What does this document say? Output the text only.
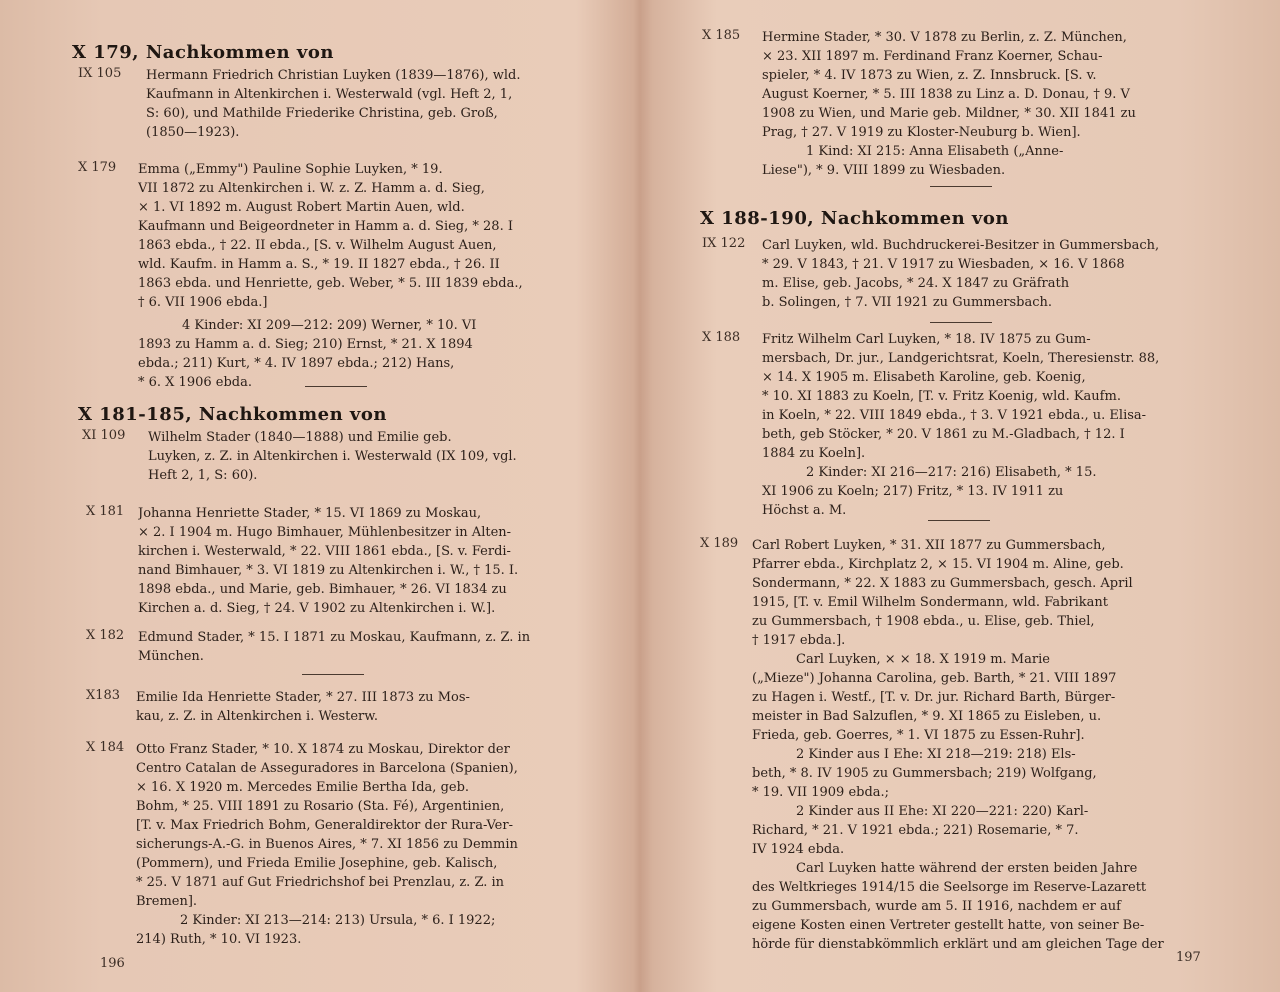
X 179, Nachkommen von
IX 105 Hermann Friedrich Christian Luyken (1839—1876), wld.
Kaufmann in Altenkirchen i. Westerwald (vgl. Heft 2, 1,
S: 60), und Mathilde Friederike Christina, geb. Groß,
(1850—1923).
X 179 Emma („Emmy") Pauline Sophie Luyken, * 19.
VII 1872 zu Altenkirchen i. W. z. Z. Hamm a. d. Sieg,
× 1. VI 1892 m. August Robert Martin Auen, wld.
Kaufmann und Beigeordneter in Hamm a. d. Sieg, * 28. I
1863 ebda., † 22. II ebda., [S. v. Wilhelm August Auen,
wld. Kaufm. in Hamm a. S., * 19. II 1827 ebda., † 26. II
1863 ebda. und Henriette, geb. Weber, * 5. III 1839 ebda.,
† 6. VII 1906 ebda.]
4 Kinder: XI 209—212: 209) Werner, * 10. VI
1893 zu Hamm a. d. Sieg; 210) Ernst, * 21. X 1894
ebda.; 211) Kurt, * 4. IV 1897 ebda.; 212) Hans,
* 6. X 1906 ebda.
X 181-185, Nachkommen von
XI 109 Wilhelm Stader (1840—1888) und Emilie geb.
Luyken, z. Z. in Altenkirchen i. Westerwald (IX 109, vgl.
Heft 2, 1, S: 60).
X 181 Johanna Henriette Stader, * 15. VI 1869 zu Moskau,
× 2. I 1904 m. Hugo Bimhauer, Mühlenbesitzer in Alten-
kirchen i. Westerwald, * 22. VIII 1861 ebda., [S. v. Ferdi-
nand Bimhauer, * 3. VI 1819 zu Altenkirchen i. W., † 15. I.
1898 ebda., und Marie, geb. Bimhauer, * 26. VI 1834 zu
Kirchen a. d. Sieg, † 24. V 1902 zu Altenkirchen i. W.].
X 182 Edmund Stader, * 15. I 1871 zu Moskau, Kaufmann, z. Z. in
München.
X183 Emilie Ida Henriette Stader, * 27. III 1873 zu Mos-
kau, z. Z. in Altenkirchen i. Westerw.
X 184 Otto Franz Stader, * 10. X 1874 zu Moskau, Direktor der
Centro Catalan de Asseguradores in Barcelona (Spanien),
× 16. X 1920 m. Mercedes Emilie Bertha Ida, geb.
Bohm, * 25. VIII 1891 zu Rosario (Sta. Fé), Argentinien,
[T. v. Max Friedrich Bohm, Generaldirektor der Rura-Ver-
sicherungs-A.-G. in Buenos Aires, * 7. XI 1856 zu Demmin
(Pommern), und Frieda Emilie Josephine, geb. Kalisch,
* 25. V 1871 auf Gut Friedrichshof bei Prenzlau, z. Z. in
Bremen].
2 Kinder: XI 213—214: 213) Ursula, * 6. I 1922;
214) Ruth, * 10. VI 1923.
196
X 185 Hermine Stader, * 30. V 1878 zu Berlin, z. Z. München,
× 23. XII 1897 m. Ferdinand Franz Koerner, Schau-
spieler, * 4. IV 1873 zu Wien, z. Z. Innsbruck. [S. v.
August Koerner, * 5. III 1838 zu Linz a. D. Donau, † 9. V
1908 zu Wien, und Marie geb. Mildner, * 30. XII 1841 zu
Prag, † 27. V 1919 zu Kloster-Neuburg b. Wien].
1 Kind: XI 215: Anna Elisabeth („Anne-
Liese"), * 9. VIII 1899 zu Wiesbaden.
X 188-190, Nachkommen von
IX 122 Carl Luyken, wld. Buchdruckerei-Besitzer in Gummersbach,
* 29. V 1843, † 21. V 1917 zu Wiesbaden, × 16. V 1868
m. Elise, geb. Jacobs, * 24. X 1847 zu Gräfrath
b. Solingen, † 7. VII 1921 zu Gummersbach.
X 188 Fritz Wilhelm Carl Luyken, * 18. IV 1875 zu Gum-
mersbach, Dr. jur., Landgerichtsrat, Koeln, Theresienstr. 88,
× 14. X 1905 m. Elisabeth Karoline, geb. Koenig,
* 10. XI 1883 zu Koeln, [T. v. Fritz Koenig, wld. Kaufm.
in Koeln, * 22. VIII 1849 ebda., † 3. V 1921 ebda., u. Elisa-
beth, geb Stöcker, * 20. V 1861 zu M.-Gladbach, † 12. I
1884 zu Koeln].
2 Kinder: XI 216—217: 216) Elisabeth, * 15.
XI 1906 zu Koeln; 217) Fritz, * 13. IV 1911 zu
Höchst a. M.
X 189 Carl Robert Luyken, * 31. XII 1877 zu Gummersbach,
Pfarrer ebda., Kirchplatz 2, × 15. VI 1904 m. Aline, geb.
Sondermann, * 22. X 1883 zu Gummersbach, gesch. April
1915, [T. v. Emil Wilhelm Sondermann, wld. Fabrikant
zu Gummersbach, † 1908 ebda., u. Elise, geb. Thiel,
† 1917 ebda.].
Carl Luyken, × × 18. X 1919 m. Marie
(„Mieze") Johanna Carolina, geb. Barth, * 21. VIII 1897
zu Hagen i. Westf., [T. v. Dr. jur. Richard Barth, Bürger-
meister in Bad Salzuflen, * 9. XI 1865 zu Eisleben, u.
Frieda, geb. Goerres, * 1. VI 1875 zu Essen-Ruhr].
2 Kinder aus I Ehe: XI 218—219: 218) Els-
beth, * 8. IV 1905 zu Gummersbach; 219) Wolfgang,
* 19. VII 1909 ebda.;
2 Kinder aus II Ehe: XI 220—221: 220) Karl-
Richard, * 21. V 1921 ebda.; 221) Rosemarie, * 7.
IV 1924 ebda.
Carl Luyken hatte während der ersten beiden Jahre
des Weltkrieges 1914/15 die Seelsorge im Reserve-Lazarett
zu Gummersbach, wurde am 5. II 1916, nachdem er auf
eigene Kosten einen Vertreter gestellt hatte, von seiner Be-
hörde für dienstabkömmlich erklärt und am gleichen Tage der
197
